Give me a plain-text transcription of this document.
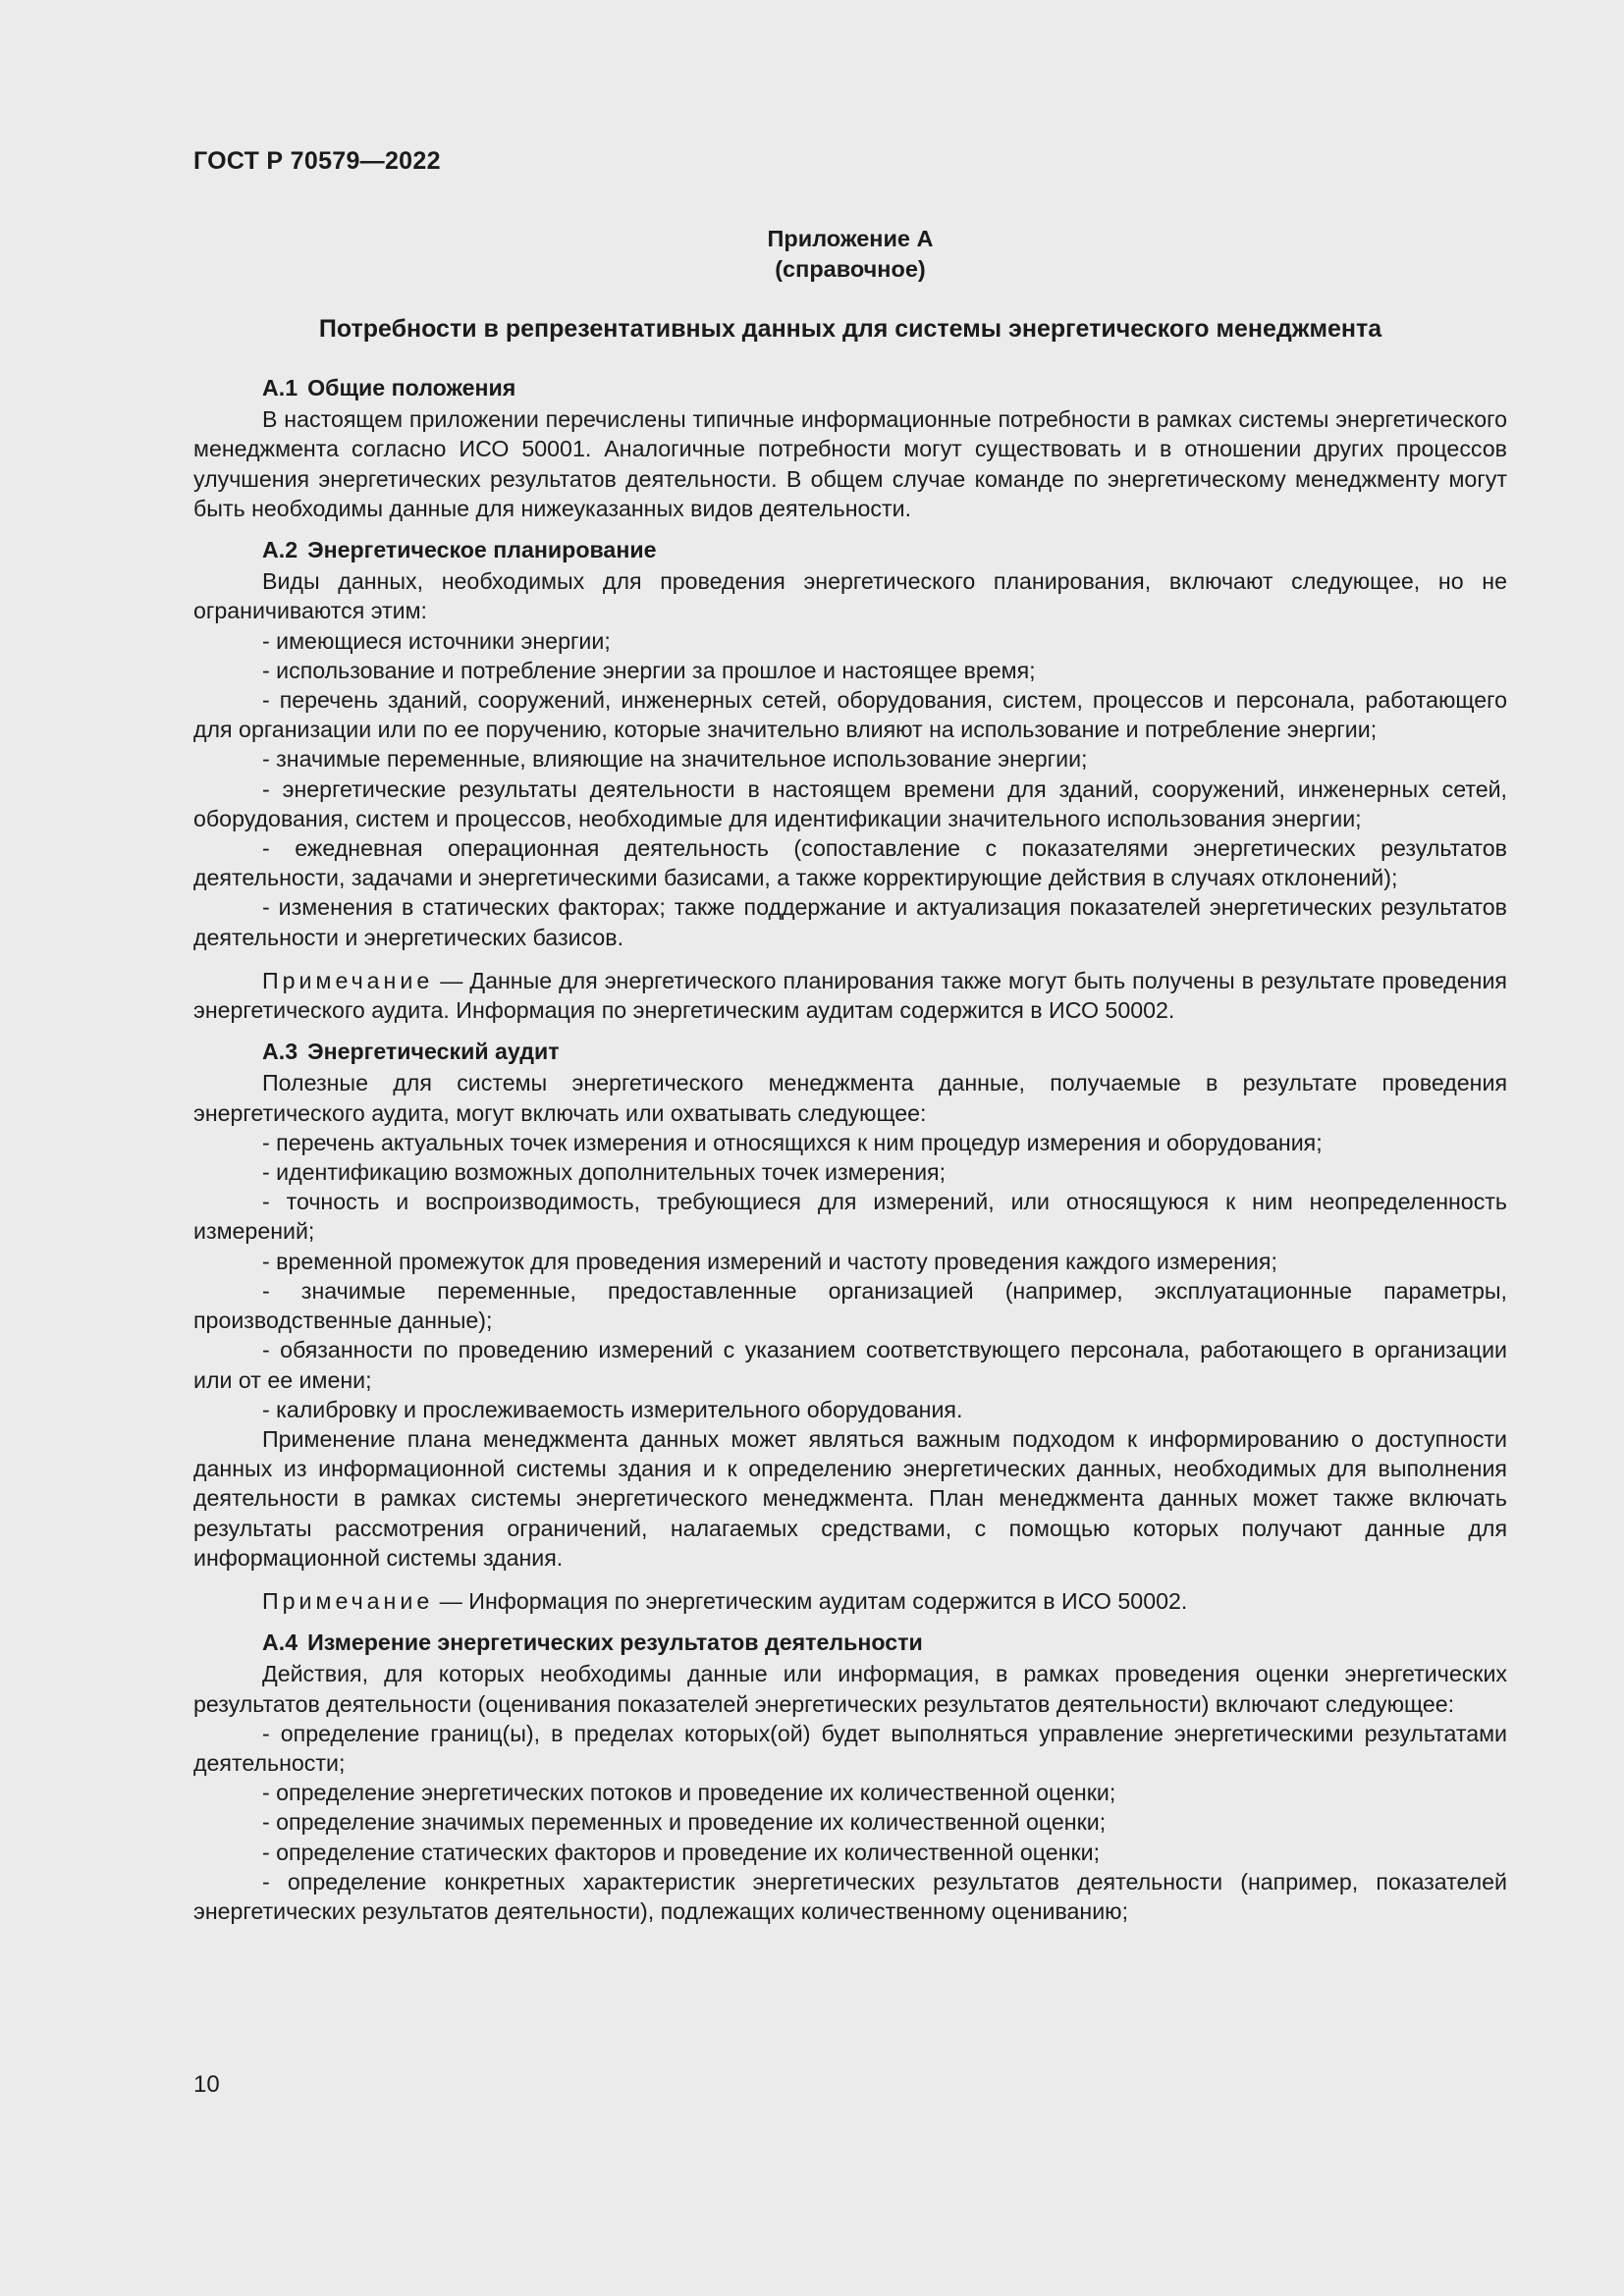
ГОСТ Р 70579—2022
Приложение А
(справочное)
Потребности в репрезентативных данных для системы энергетического менеджмента
А.1 Общие положения

В настоящем приложении перечислены типичные информационные потребности в рамках системы энергетического менеджмента согласно ИСО 50001. Аналогичные потребности могут существовать и в отношении других процессов улучшения энергетических результатов деятельности. В общем случае команде по энергетическому менеджменту могут быть необходимы данные для нижеуказанных видов деятельности.

А.2 Энергетическое планирование

Виды данных, необходимых для проведения энергетического планирования, включают следующее, но не ограничиваются этим:

- имеющиеся источники энергии;
- использование и потребление энергии за прошлое и настоящее время;
- перечень зданий, сооружений, инженерных сетей, оборудования, систем, процессов и персонала, работающего для организации или по ее поручению, которые значительно влияют на использование и потребление энергии;
- значимые переменные, влияющие на значительное использование энергии;
- энергетические результаты деятельности в настоящем времени для зданий, сооружений, инженерных сетей, оборудования, систем и процессов, необходимые для идентификации значительного использования энергии;
- ежедневная операционная деятельность (сопоставление с показателями энергетических результатов деятельности, задачами и энергетическими базисами, а также корректирующие действия в случаях отклонений);
- изменения в статических факторах; также поддержание и актуализация показателей энергетических результатов деятельности и энергетических базисов.

Примечание — Данные для энергетического планирования также могут быть получены в результате проведения энергетического аудита. Информация по энергетическим аудитам содержится в ИСО 50002.

А.3 Энергетический аудит

Полезные для системы энергетического менеджмента данные, получаемые в результате проведения энергетического аудита, могут включать или охватывать следующее:

- перечень актуальных точек измерения и относящихся к ним процедур измерения и оборудования;
- идентификацию возможных дополнительных точек измерения;
- точность и воспроизводимость, требующиеся для измерений, или относящуюся к ним неопределенность измерений;
- временной промежуток для проведения измерений и частоту проведения каждого измерения;
- значимые переменные, предоставленные организацией (например, эксплуатационные параметры, производственные данные);
- обязанности по проведению измерений с указанием соответствующего персонала, работающего в организации или от ее имени;
- калибровку и прослеживаемость измерительного оборудования.

Применение плана менеджмента данных может являться важным подходом к информированию о доступности данных из информационной системы здания и к определению энергетических данных, необходимых для выполнения деятельности в рамках системы энергетического менеджмента. План менеджмента данных может также включать результаты рассмотрения ограничений, налагаемых средствами, с помощью которых получают данные для информационной системы здания.

Примечание — Информация по энергетическим аудитам содержится в ИСО 50002.

А.4 Измерение энергетических результатов деятельности

Действия, для которых необходимы данные или информация, в рамках проведения оценки энергетических результатов деятельности (оценивания показателей энергетических результатов деятельности) включают следующее:

- определение границ(ы), в пределах которых(ой) будет выполняться управление энергетическими результатами деятельности;
- определение энергетических потоков и проведение их количественной оценки;
- определение значимых переменных и проведение их количественной оценки;
- определение статических факторов и проведение их количественной оценки;
- определение конкретных характеристик энергетических результатов деятельности (например, показателей энергетических результатов деятельности), подлежащих количественному оцениванию;
10
